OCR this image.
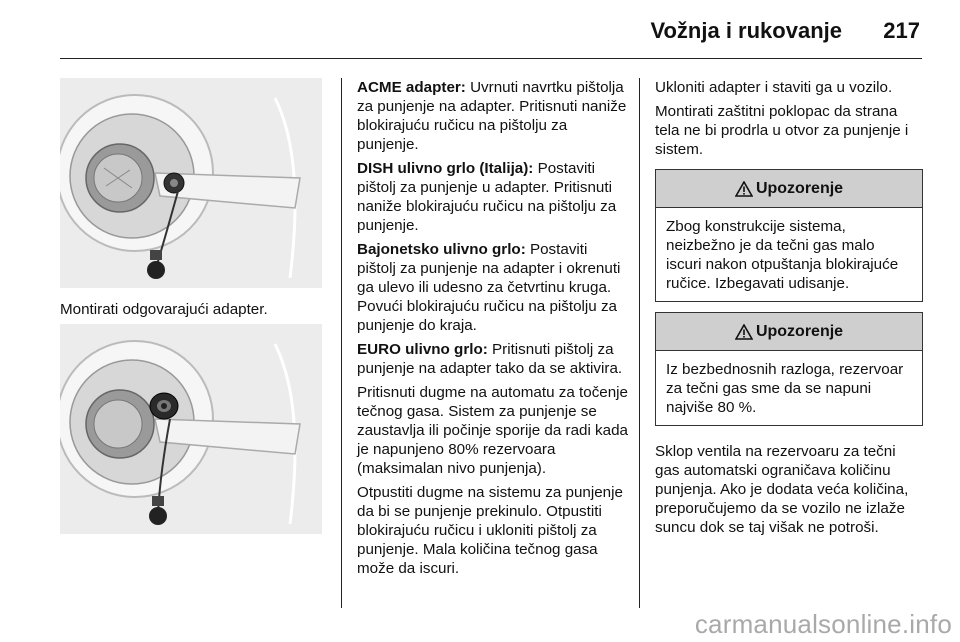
Vožnja i rukovanje 217

Montirati odgovarajući adapter.

ACME adapter: Uvrnuti navrtku pištolja za punjenje na adapter. Pritisnuti naniže blokirajuću ručicu na pištolju za punjenje.

DISH ulivno grlo (Italija): Postaviti pištolj za punjenje u adapter. Pritisnuti naniže blokirajuću ručicu na pištolju za punjenje.

Bajonetsko ulivno grlo: Postaviti pištolj za punjenje na adapter i okrenuti ga ulevo ili udesno za četvrtinu kruga. Povući blokirajuću ručicu na pištolju za punjenje do kraja.

EURO ulivno grlo: Pritisnuti pištolj za punjenje na adapter tako da se aktivira.

Pritisnuti dugme na automatu za točenje tečnog gasa. Sistem za punjenje se zaustavlja ili počinje sporije da radi kada je napunjeno 80% rezervoara (maksimalan nivo punjenja).

Otpustiti dugme na sistemu za punjenje da bi se punjenje prekinulo. Otpustiti blokirajuću ručicu i ukloniti pištolj za punjenje. Mala količina tečnog gasa može da iscuri.

Ukloniti adapter i staviti ga u vozilo.

Montirati zaštitni poklopac da strana tela ne bi prodrla u otvor za punjenje i sistem.

Upozorenje
Zbog konstrukcije sistema, neizbežno je da tečni gas malo iscuri nakon otpuštanja blokirajuće ručice. Izbegavati udisanje.
Upozorenje
Iz bezbednosnih razloga, rezervoar za tečni gas sme da se napuni najviše 80 %.

Sklop ventila na rezervoaru za tečni gas automatski ograničava količinu punjenja. Ako je dodata veća količina, preporučujemo da se vozilo ne izlaže suncu dok se taj višak ne potroši.

carmanualsonline.info
